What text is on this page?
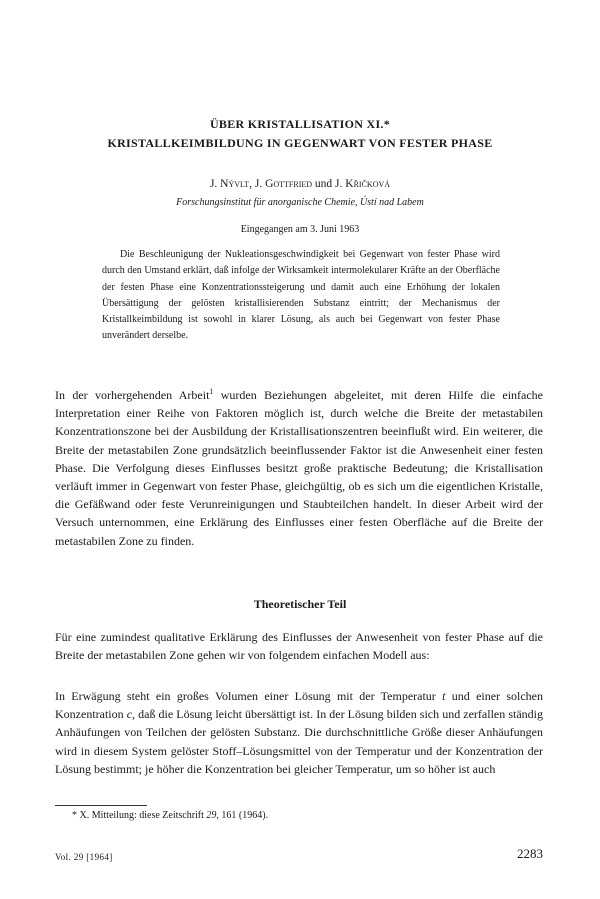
ÜBER KRISTALLISATION XI.*
KRISTALLKEIMBILDUNG IN GEGENWART VON FESTER PHASE
J. Nývlt, J. Gottfried und J. Křičková
Forschungsinstitut für anorganische Chemie, Ústí nad Labem
Eingegangen am 3. Juni 1963

Die Beschleunigung der Nukleationsgeschwindigkeit bei Gegenwart von fester Phase wird durch den Umstand erklärt, daß infolge der Wirksamkeit intermolekularer Kräfte an der Oberfläche der festen Phase eine Konzentrationssteigerung und damit auch eine Erhöhung der lokalen Übersättigung der gelösten kristallisierenden Substanz eintritt; der Mechanismus der Kristallkeimbildung ist sowohl in klarer Lösung, als auch bei Gegenwart von fester Phase unverändert derselbe.

In der vorhergehenden Arbeit$^1$ wurden Beziehungen abgeleitet, mit deren Hilfe die einfache Interpretation einer Reihe von Faktoren möglich ist, durch welche die Breite der metastabilen Konzentrationszone bei der Ausbildung der Kristallisationszentren beeinflußt wird. Ein weiterer, die Breite der metastabilen Zone grundsätzlich beeinflussender Faktor ist die Anwesenheit einer festen Phase. Die Verfolgung dieses Einflusses besitzt große praktische Bedeutung; die Kristallisation verläuft immer in Gegenwart von fester Phase, gleichgültig, ob es sich um die eigentlichen Kristalle, die Gefäßwand oder feste Verunreinigungen und Staubteilchen handelt. In dieser Arbeit wird der Versuch unternommen, eine Erklärung des Einflusses einer festen Oberfläche auf die Breite der metastabilen Zone zu finden.

Theoretischer Teil

Für eine zumindest qualitative Erklärung des Einflusses der Anwesenheit von fester Phase auf die Breite der metastabilen Zone gehen wir von folgendem einfachen Modell aus:

In Erwägung steht ein großes Volumen einer Lösung mit der Temperatur t und einer solchen Konzentration c, daß die Lösung leicht übersättigt ist. In der Lösung bilden sich und zerfallen ständig Anhäufungen von Teilchen der gelösten Substanz. Die durchschnittliche Größe dieser Anhäufungen wird in diesem System gelöster Stoff–Lösungsmittel von der Temperatur und der Konzentration der Lösung bestimmt; je höher die Konzentration bei gleicher Temperatur, um so höher ist auch

* X. Mitteilung: diese Zeitschrift 29, 161 (1964).
Vol. 29 [1964]	2283
